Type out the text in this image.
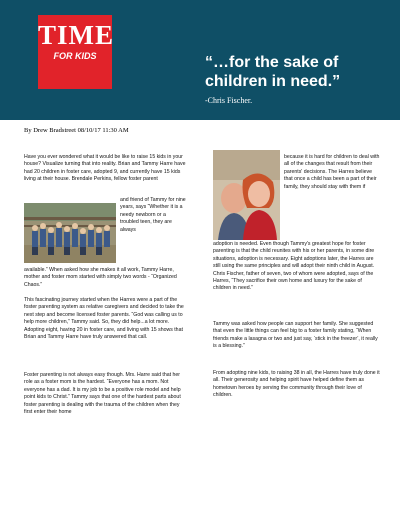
TIME
FOR KIDS	“…for the sake of
children in need.”
-Chris Fischer.
By Drew Bradstreet 08/10/17 11:30 AM
Have you ever wondered what it would be like to raise 15 kids in your house? Visualize turning that into reality. Brian and Tammy Harre have had 20 children in foster care, adopted 9, and currently have 15 kids living at their house. Brendale Perkins, fellow foster parent
and friend of Tammy for nine years, says “Whether it is a needy newborn or a troubled teen, they are always
available.” When asked how she makes it all work, Tammy Harre, mother and foster mom started with simply two words - “Organized Chaos.”
This fascinating journey started when the Harres were a part of the foster parenting system as relative caregivers and decided to take the next step and become licensed foster parents. “God was calling us to help more children,” Tammy said. So, they did help...a lot more. Adopting eight, having 20 in foster care, and living with 15 shows that Brian and Tammy Harre have truly answered that call.
Foster parenting is not always easy though. Mrs. Harre said that her role as a foster mom is the hardest. “Everyone has a mom. Not everyone has a dad. It is my job to be a positive role model and help point kids to Christ.” Tammy says that one of the hardest parts about foster parenting is dealing with the trauma of the children when they first enter their home
because it is hard for children to deal with all of the changes that result from their parents' decisions. The Harres believe that once a child has been a part of their family, they should stay with them if
adoption is needed. Even though Tammy's greatest hope for foster parenting is that the child reunites with his or her parents, in some dire situations, adoption is necessary. Eight adoptions later, the Harres are still using the same principles and will adopt their ninth child in August. Chris Fischer, father of seven, two of whom were adopted, says of the Harres, “They sacrifice their own home and luxury for the sake of children in need.”
Tammy was asked how people can support her family. She suggested that even the little things can feel big to a foster family stating, “When friends make a lasagna or two and just say, ‘stick in the freezer’, it really is a blessing.”
From adopting nine kids, to raising 38 in all, the Harres have truly done it all. Their generosity and helping spirit have helped define them as hometown heroes by serving the community through their love of children.
